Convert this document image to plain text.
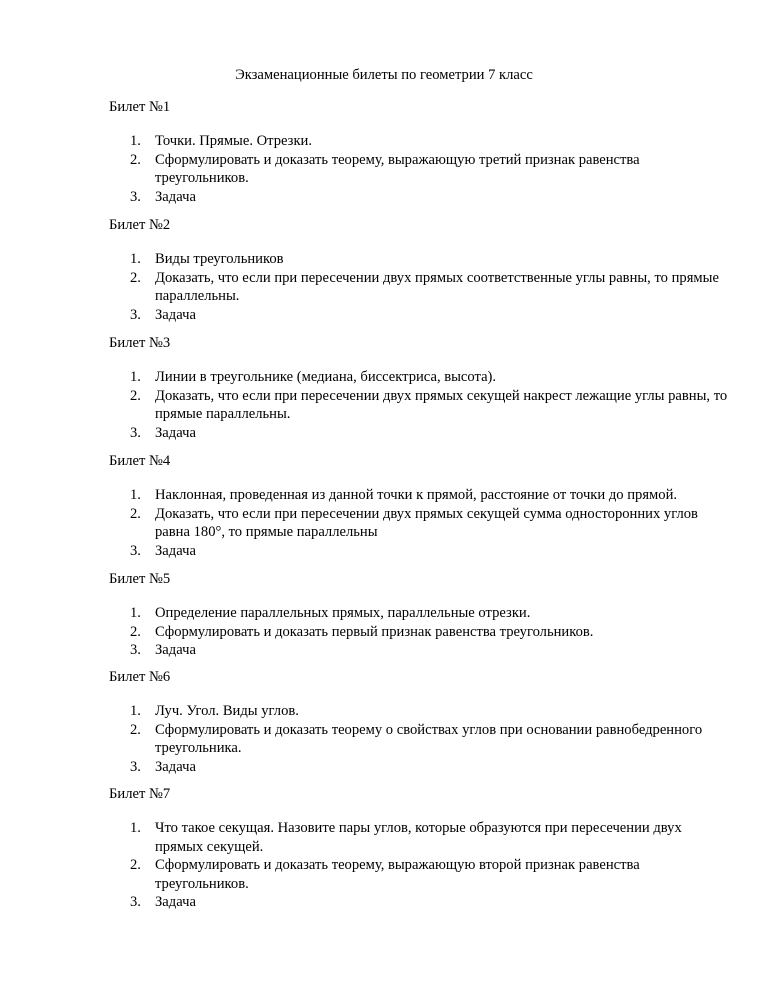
Экзаменационные билеты по геометрии 7 класс

Билет №1

1. Точки. Прямые. Отрезки.
2. Сформулировать и доказать теорему, выражающую третий признак равенства треугольников.
3. Задача

Билет №2

1. Виды треугольников
2. Доказать, что если при пересечении двух прямых соответственные углы равны, то прямые параллельны.
3. Задача

Билет №3

1. Линии в треугольнике (медиана, биссектриса, высота).
2. Доказать, что если при пересечении двух прямых секущей накрест лежащие углы равны, то прямые параллельны.
3. Задача

Билет №4

1. Наклонная, проведенная из данной точки к прямой, расстояние от точки до прямой.
2. Доказать, что если при пересечении двух прямых секущей сумма односторонних углов равна 180°, то прямые параллельны
3. Задача

Билет №5

1. Определение параллельных прямых, параллельные отрезки.
2. Сформулировать и доказать первый признак равенства треугольников.
3. Задача

Билет №6

1. Луч. Угол. Виды углов.
2. Сформулировать и доказать теорему о свойствах углов при основании равнобедренного треугольника.
3. Задача

Билет №7

1. Что такое секущая. Назовите пары углов, которые образуются при пересечении двух прямых секущей.
2. Сформулировать и доказать теорему, выражающую второй признак равенства треугольников.
3. Задача
